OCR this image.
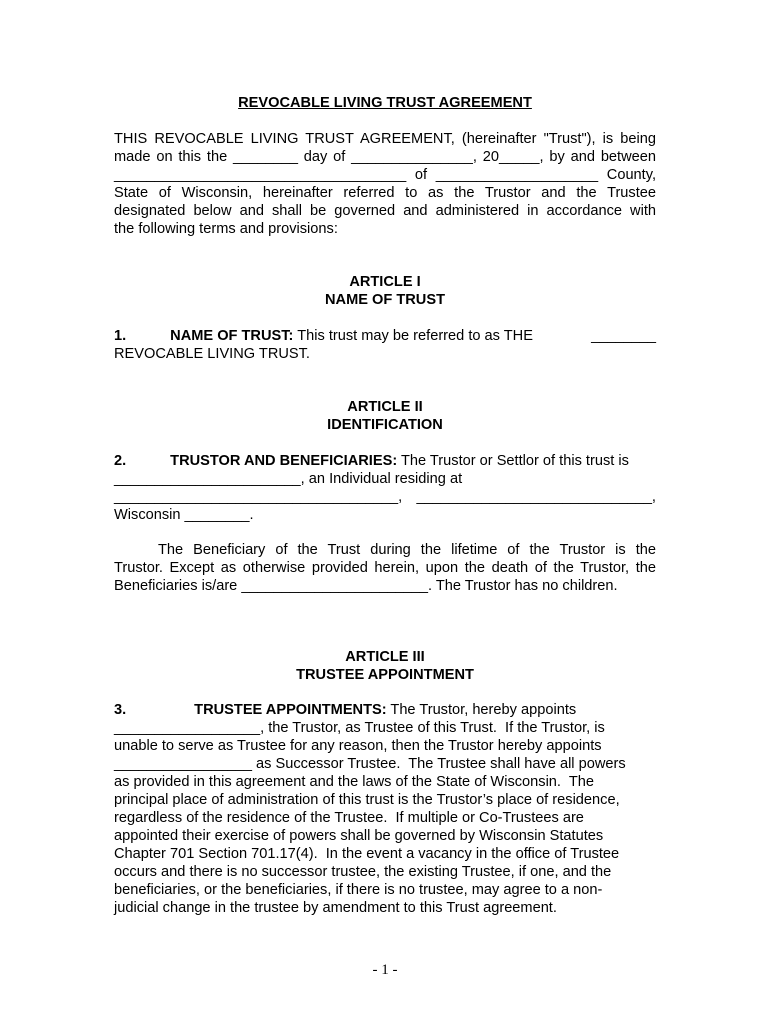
REVOCABLE LIVING TRUST AGREEMENT
THIS REVOCABLE LIVING TRUST AGREEMENT, (hereinafter "Trust"), is being
made on this the ________ day of _______________, 20_____, by and between
____________________________________ of ____________________ County,
State of Wisconsin, hereinafter referred to as the Trustor and the Trustee
designated below and shall be governed and administered in accordance with
the following terms and provisions:
ARTICLE I
NAME OF TRUST
1.	NAME OF TRUST: This trust may be referred to as THE	________
REVOCABLE LIVING TRUST.
ARTICLE II
IDENTIFICATION
2.	TRUSTOR AND BENEFICIARIES: The Trustor or Settlor of this trust is
_______________________, an Individual residing at
___________________________________, _____________________________,
Wisconsin ________.
The Beneficiary of the Trust during the lifetime of the Trustor is the
Trustor. Except as otherwise provided herein, upon the death of the Trustor, the
Beneficiaries is/are _______________________. The Trustor has no children.
ARTICLE III
TRUSTEE APPOINTMENT
3.	TRUSTEE APPOINTMENTS: The Trustor, hereby appoints
__________________, the Trustor, as Trustee of this Trust.  If the Trustor, is
unable to serve as Trustee for any reason, then the Trustor hereby appoints
_________________ as Successor Trustee.  The Trustee shall have all powers
as provided in this agreement and the laws of the State of Wisconsin.  The
principal place of administration of this trust is the Trustor’s place of residence,
regardless of the residence of the Trustee.  If multiple or Co-Trustees are
appointed their exercise of powers shall be governed by Wisconsin Statutes
Chapter 701 Section 701.17(4).  In the event a vacancy in the office of Trustee
occurs and there is no successor trustee, the existing Trustee, if one, and the
beneficiaries, or the beneficiaries, if there is no trustee, may agree to a non-
judicial change in the trustee by amendment to this Trust agreement.
- 1 -
